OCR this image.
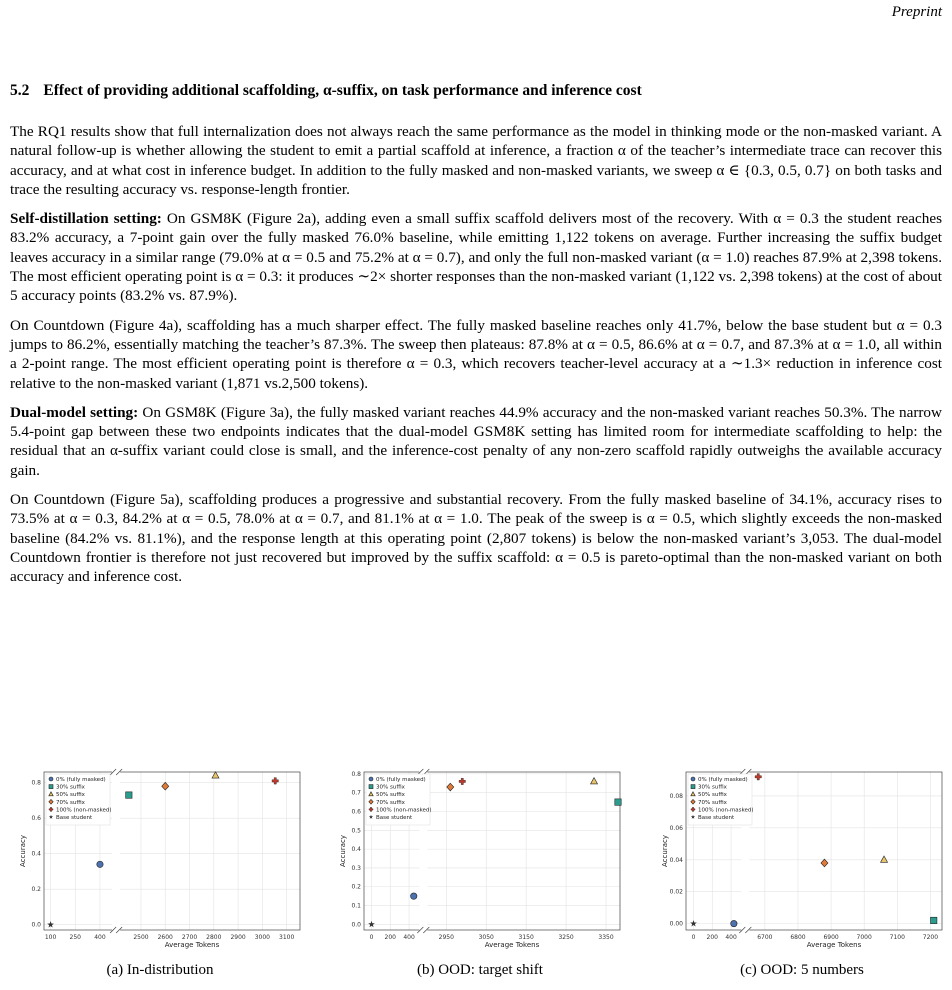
Preprint
5.2 Effect of providing additional scaffolding, α-suffix, on task performance and inference cost

The RQ1 results show that full internalization does not always reach the same performance as the model in thinking mode or the non-masked variant. A natural follow-up is whether allowing the student to emit a partial scaffold at inference, a fraction α of the teacher’s intermediate trace can recover this accuracy, and at what cost in inference budget. In addition to the fully masked and non-masked variants, we sweep α ∈ {0.3, 0.5, 0.7} on both tasks and trace the resulting accuracy vs. response-length frontier.

Self-distillation setting: On GSM8K (Figure 2a), adding even a small suffix scaffold delivers most of the recovery. With α = 0.3 the student reaches 83.2% accuracy, a 7-point gain over the fully masked 76.0% baseline, while emitting 1,122 tokens on average. Further increasing the suffix budget leaves accuracy in a similar range (79.0% at α = 0.5 and 75.2% at α = 0.7), and only the full non-masked variant (α = 1.0) reaches 87.9% at 2,398 tokens. The most efficient operating point is α = 0.3: it produces ∼2× shorter responses than the non-masked variant (1,122 vs. 2,398 tokens) at the cost of about 5 accuracy points (83.2% vs. 87.9%).

On Countdown (Figure 4a), scaffolding has a much sharper effect. The fully masked baseline reaches only 41.7%, below the base student but α = 0.3 jumps to 86.2%, essentially matching the teacher’s 87.3%. The sweep then plateaus: 87.8% at α = 0.5, 86.6% at α = 0.7, and 87.3% at α = 1.0, all within a 2-point range. The most efficient operating point is therefore α = 0.3, which recovers teacher-level accuracy at a ∼1.3× reduction in inference cost relative to the non-masked variant (1,871 vs.2,500 tokens).

Dual-model setting: On GSM8K (Figure 3a), the fully masked variant reaches 44.9% accuracy and the non-masked variant reaches 50.3%. The narrow 5.4-point gap between these two endpoints indicates that the dual-model GSM8K setting has limited room for intermediate scaffolding to help: the residual that an α-suffix variant could close is small, and the inference-cost penalty of any non-zero scaffold rapidly outweighs the available accuracy gain.

On Countdown (Figure 5a), scaffolding produces a progressive and substantial recovery. From the fully masked baseline of 34.1%, accuracy rises to 73.5% at α = 0.3, 84.2% at α = 0.5, 78.0% at α = 0.7, and 81.1% at α = 1.0. The peak of the sweep is α = 0.5, which slightly exceeds the non-masked baseline (84.2% vs. 81.1%), and the response length at this operating point (2,807 tokens) is below the non-masked variant’s 3,053. The dual-model Countdown frontier is therefore not just recovered but improved by the suffix scaffold: α = 0.5 is pareto-optimal than the non-masked variant on both accuracy and inference cost.

0.0
0.2
0.4
0.6
0.8
100 250 400	2500 2600 2700 2800 2900 3000 3100
Average Tokens
Accuracy
0% (fully masked)
30% suffix
50% suffix
70% suffix
100% (non-masked)
Base student
0.0
0.1
0.2
0.3
0.4
0.5
0.6
0.7
0.8
0 200 400	2950	3050	3150	3250	3350
Average Tokens
Accuracy
0% (fully masked)
30% suffix
50% suffix
70% suffix
100% (non-masked)
Base student
0.00
0.02
0.04
0.06
0.08
0 200 400	6700	6800	6900	7000	7100	7200
Average Tokens
Accuracy
0% (fully masked)
30% suffix
50% suffix
70% suffix
100% (non-masked)
Base student
(a) In-distribution	(b) OOD: target shift	(c) OOD: 5 numbers
